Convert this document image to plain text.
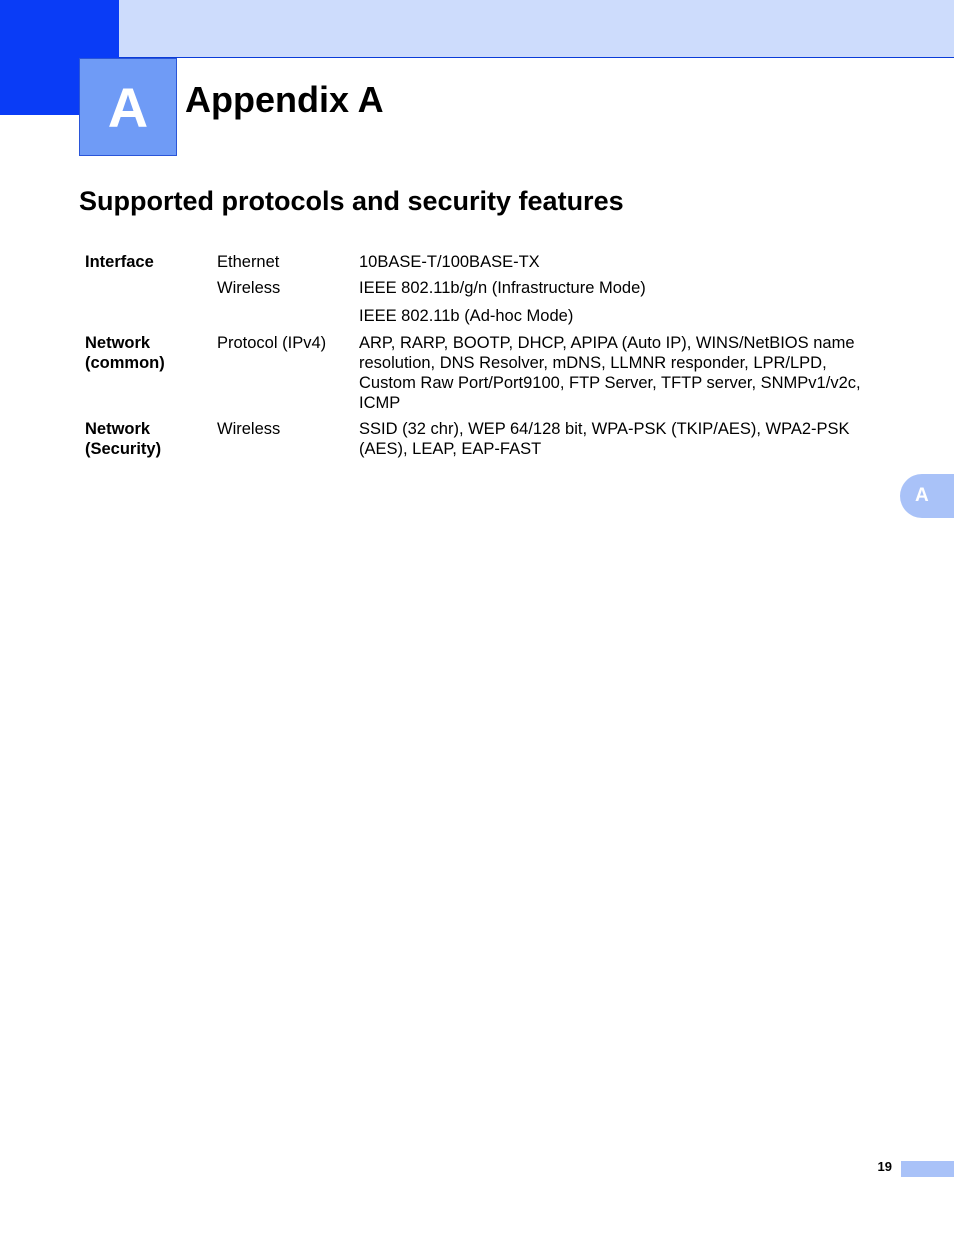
A	Appendix A
Supported protocols and security features
Interface	Ethernet	10BASE-T/100BASE-TX
	Wireless	IEEE 802.11b/g/n (Infrastructure Mode)
		IEEE 802.11b (Ad-hoc Mode)

Network
(common)	Protocol (IPv4)	ARP, RARP, BOOTP, DHCP, APIPA (Auto IP), WINS/NetBIOS name resolution, DNS Resolver, mDNS, LLMNR responder, LPR/LPD, Custom Raw Port/Port9100, FTP Server, TFTP server, SNMPv1/v2c, ICMP

Network
(Security)	Wireless	SSID (32 chr), WEP 64/128 bit, WPA-PSK (TKIP/AES), WPA2-PSK (AES), LEAP, EAP-FAST
A
19
